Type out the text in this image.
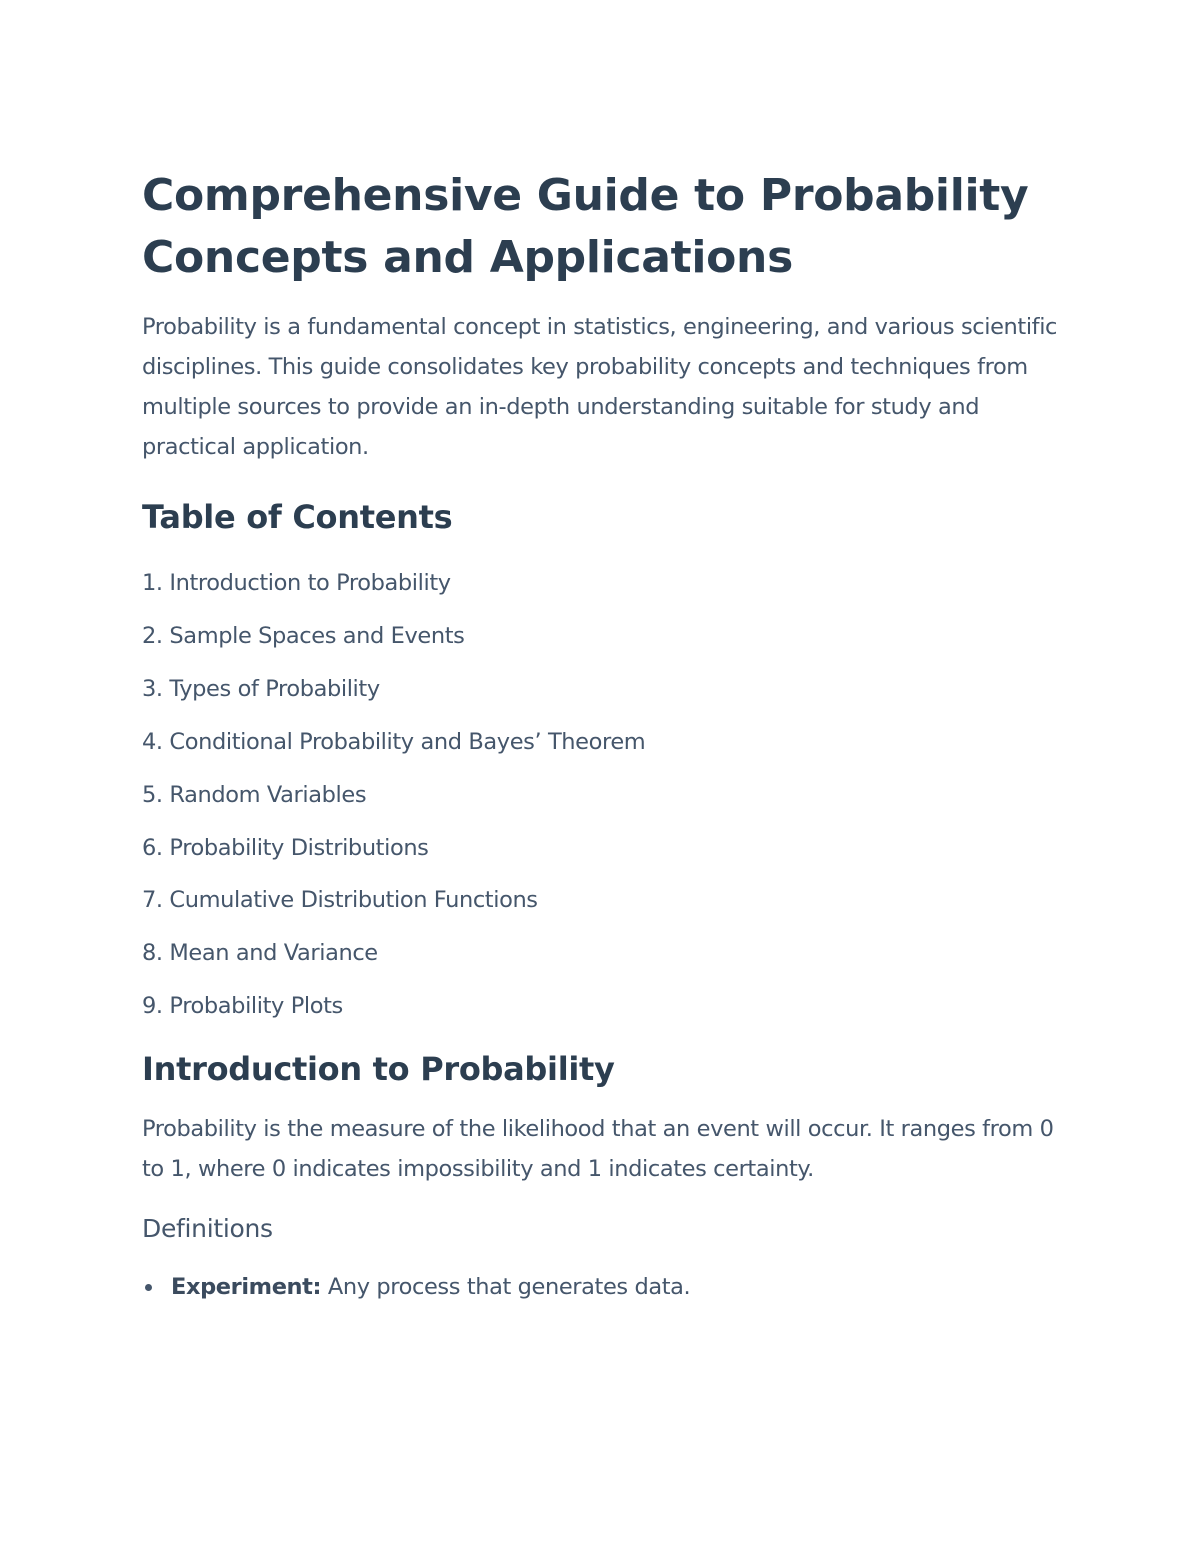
Comprehensive Guide to Probability Concepts and Applications

Probability is a fundamental concept in statistics, engineering, and various scientific disciplines. This guide consolidates key probability concepts and techniques from multiple sources to provide an in-depth understanding suitable for study and practical application.

Table of Contents
1. Introduction to Probability
2. Sample Spaces and Events
3. Types of Probability
4. Conditional Probability and Bayes’ Theorem
5. Random Variables
6. Probability Distributions
7. Cumulative Distribution Functions
8. Mean and Variance
9. Probability Plots
Introduction to Probability

Probability is the measure of the likelihood that an event will occur. It ranges from 0 to 1, where 0 indicates impossibility and 1 indicates certainty.

Definitions
Experiment: Any process that generates data.
